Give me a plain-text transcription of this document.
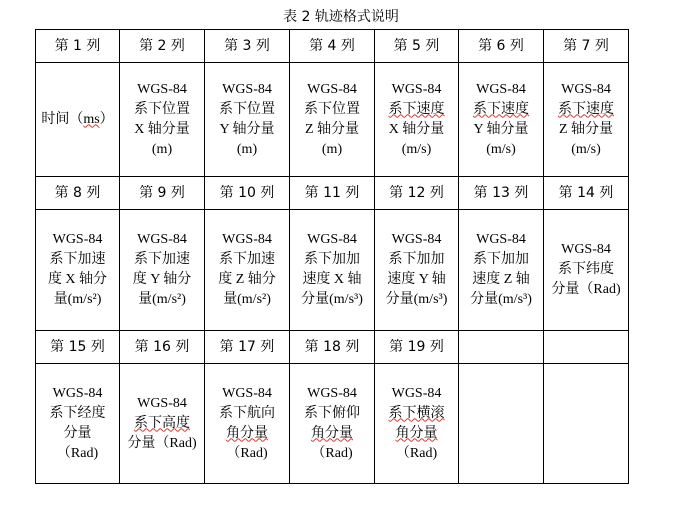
表 2 轨迹格式说明
第 1 列	第 2 列	第 3 列	第 4 列	第 5 列	第 6 列	第 7 列

时间（ms）	WGS-84
系下位置
X 轴分量
(m)	WGS-84
系下位置
Y 轴分量
(m)	WGS-84
系下位置
Z 轴分量
(m)	WGS-84
系下速度
X 轴分量
(m/s)	WGS-84
系下速度
Y 轴分量
(m/s)	WGS-84
系下速度
Z 轴分量
(m/s)

第 8 列	第 9 列	第 10 列	第 11 列	第 12 列	第 13 列	第 14 列

WGS-84
系下加速
度 X 轴分
量(m/s²)	WGS-84
系下加速
度 Y 轴分
量(m/s²)	WGS-84
系下加速
度 Z 轴分
量(m/s²)	WGS-84
系下加加
速度 X 轴
分量(m/s³)	WGS-84
系下加加
速度 Y 轴
分量(m/s³)	WGS-84
系下加加
速度 Z 轴
分量(m/s³)	WGS-84
系下纬度
分量（Rad)

第 15 列	第 16 列	第 17 列	第 18 列	第 19 列		

WGS-84
系下经度
分量
（Rad)	WGS-84
系下高度
分量（Rad)	WGS-84
系下航向
角分量
（Rad)	WGS-84
系下俯仰
角分量
（Rad)	WGS-84
系下横滚
角分量
（Rad)		
